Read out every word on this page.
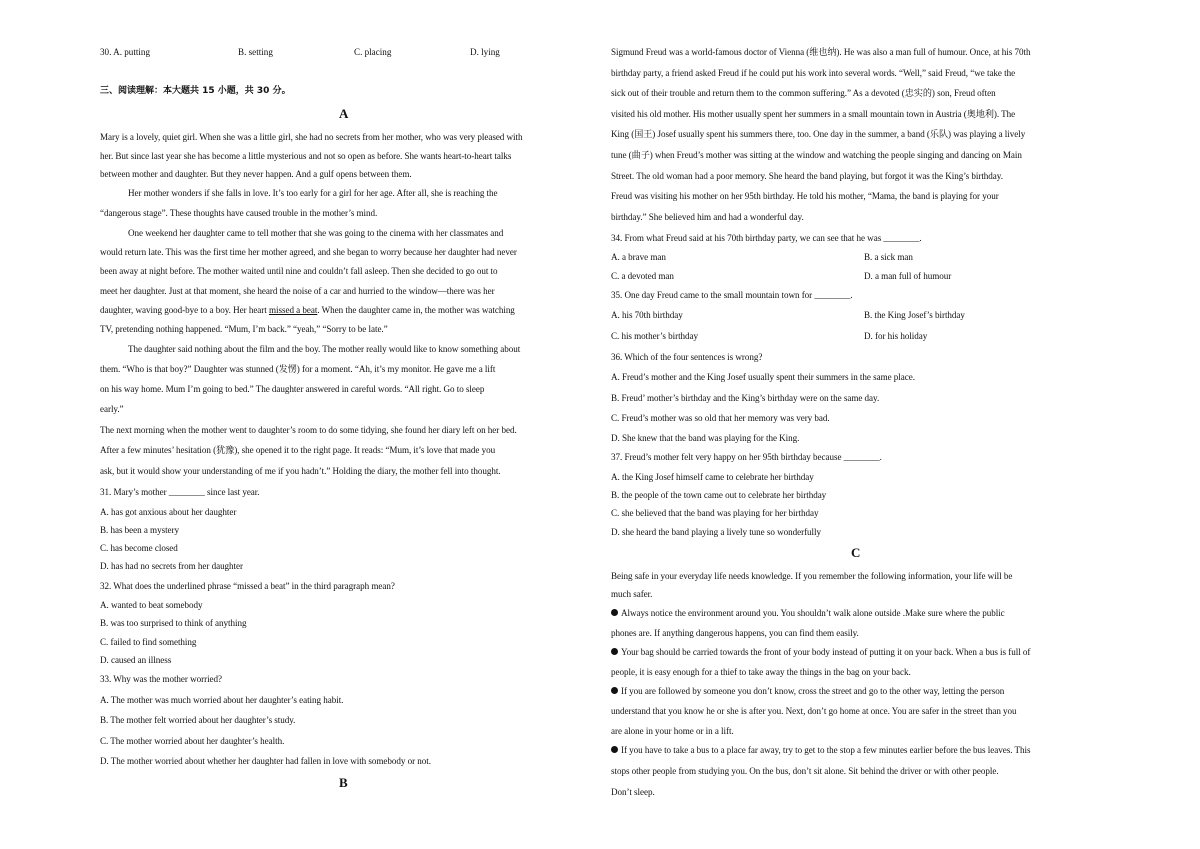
30. A. putting	B. setting	C. placing	D. lying
三、阅读理解：本大题共 15 小题，共 30 分。
A
Mary is a lovely, quiet girl. When she was a little girl, she had no secrets from her mother, who was very pleased with
her. But since last year she has become a little mysterious and not so open as before. She wants heart-to-heart talks
between mother and daughter. But they never happen. And a gulf opens between them.
Her mother wonders if she falls in love. It’s too early for a girl for her age. After all, she is reaching the
“dangerous stage”. These thoughts have caused trouble in the mother’s mind.
One weekend her daughter came to tell mother that she was going to the cinema with her classmates and
would return late. This was the first time her mother agreed, and she began to worry because her daughter had never
been away at night before. The mother waited until nine and couldn’t fall asleep. Then she decided to go out to
meet her daughter. Just at that moment, she heard the noise of a car and hurried to the window—there was her
daughter, waving good-bye to a boy. Her heart missed a beat. When the daughter came in, the mother was watching
TV, pretending nothing happened. “Mum, I’m back.” “yeah,” “Sorry to be late.”
The daughter said nothing about the film and the boy. The mother really would like to know something about
them. “Who is that boy?” Daughter was stunned (发愣) for a moment. “Ah, it’s my monitor. He gave me a lift
on his way home. Mum I’m going to bed.” The daughter answered in careful words. “All right. Go to sleep
early.”
The next morning when the mother went to daughter’s room to do some tidying, she found her diary left on her bed.
After a few minutes’ hesitation (犹豫), she opened it to the right page. It reads: “Mum, it’s love that made you
ask, but it would show your understanding of me if you hadn’t.” Holding the diary, the mother fell into thought.
31. Mary’s mother ________ since last year.
A. has got anxious about her daughter
B. has been a mystery
C. has become closed
D. has had no secrets from her daughter
32. What does the underlined phrase “missed a beat” in the third paragraph mean?
A. wanted to beat somebody
B. was too surprised to think of anything
C. failed to find something
D. caused an illness
33. Why was the mother worried?
A. The mother was much worried about her daughter’s eating habit.
B. The mother felt worried about her daughter’s study.
C. The mother worried about her daughter’s health.
D. The mother worried about whether her daughter had fallen in love with somebody or not.
B
Sigmund Freud was a world-famous doctor of Vienna (维也纳). He was also a man full of humour. Once, at his 70th
birthday party, a friend asked Freud if he could put his work into several words. “Well,” said Freud, “we take the
sick out of their trouble and return them to the common suffering.” As a devoted (忠实的) son, Freud often
visited his old mother. His mother usually spent her summers in a small mountain town in Austria (奥地利). The
King (国王) Josef usually spent his summers there, too. One day in the summer, a band (乐队) was playing a lively
tune (曲子) when Freud’s mother was sitting at the window and watching the people singing and dancing on Main
Street. The old woman had a poor memory. She heard the band playing, but forgot it was the King’s birthday.
Freud was visiting his mother on her 95th birthday. He told his mother, “Mama, the band is playing for your
birthday.” She believed him and had a wonderful day.
34. From what Freud said at his 70th birthday party, we can see that he was ________.
A. a brave man	B. a sick man
C. a devoted man	D. a man full of humour
35. One day Freud came to the small mountain town for ________.
A. his 70th birthday	B. the King Josef’s birthday
C. his mother’s birthday	D. for his holiday
36. Which of the four sentences is wrong?
A. Freud’s mother and the King Josef usually spent their summers in the same place.
B. Freud’ mother’s birthday and the King’s birthday were on the same day.
C. Freud’s mother was so old that her memory was very bad.
D. She knew that the band was playing for the King.
37. Freud’s mother felt very happy on her 95th birthday because ________.
A. the King Josef himself came to celebrate her birthday
B. the people of the town came out to celebrate her birthday
C. she believed that the band was playing for her birthday
D. she heard the band playing a lively tune so wonderfully
C
Being safe in your everyday life needs knowledge. If you remember the following information, your life will be
much safer.
Always notice the environment around you. You shouldn’t walk alone outside .Make sure where the public
phones are. If anything dangerous happens, you can find them easily.
Your bag should be carried towards the front of your body instead of putting it on your back. When a bus is full of
people, it is easy enough for a thief to take away the things in the bag on your back.
If you are followed by someone you don’t know, cross the street and go to the other way, letting the person
understand that you know he or she is after you. Next, don’t go home at once. You are safer in the street than you
are alone in your home or in a lift.
If you have to take a bus to a place far away, try to get to the stop a few minutes earlier before the bus leaves. This
stops other people from studying you. On the bus, don’t sit alone. Sit behind the driver or with other people.
Don’t sleep.
